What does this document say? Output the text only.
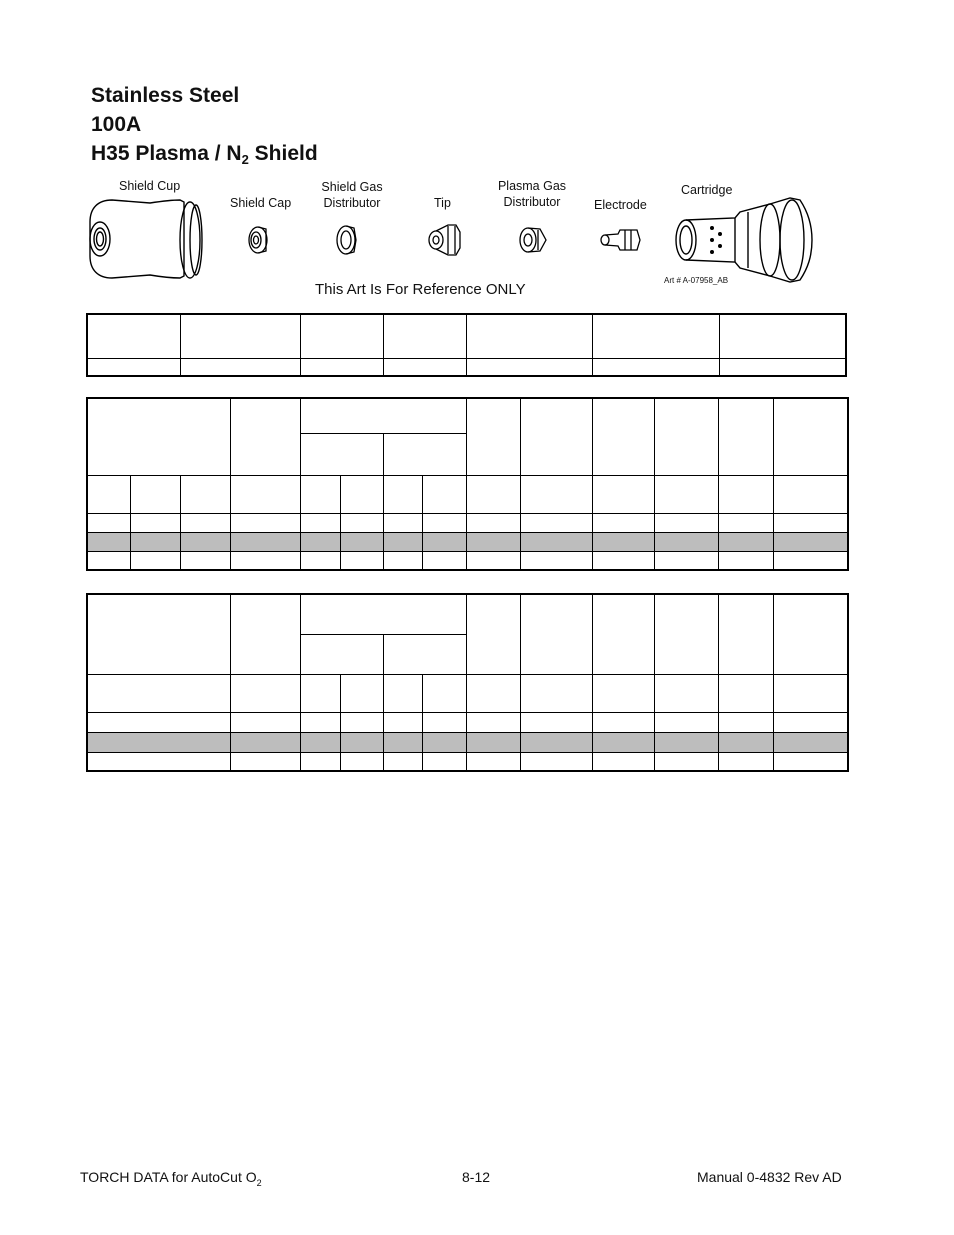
Stainless Steel
100A
H35 Plasma / $N_2$ Shield
Shield Cup
Shield Cap
Shield Gas
Distributor	Tip
Plasma Gas
Distributor	Electrode
Cartridge
This Art Is For Reference ONLY
Art # A-07958_AB

TORCH DATA for AutoCut $O_2$	8-12	Manual 0-4832 Rev AD
